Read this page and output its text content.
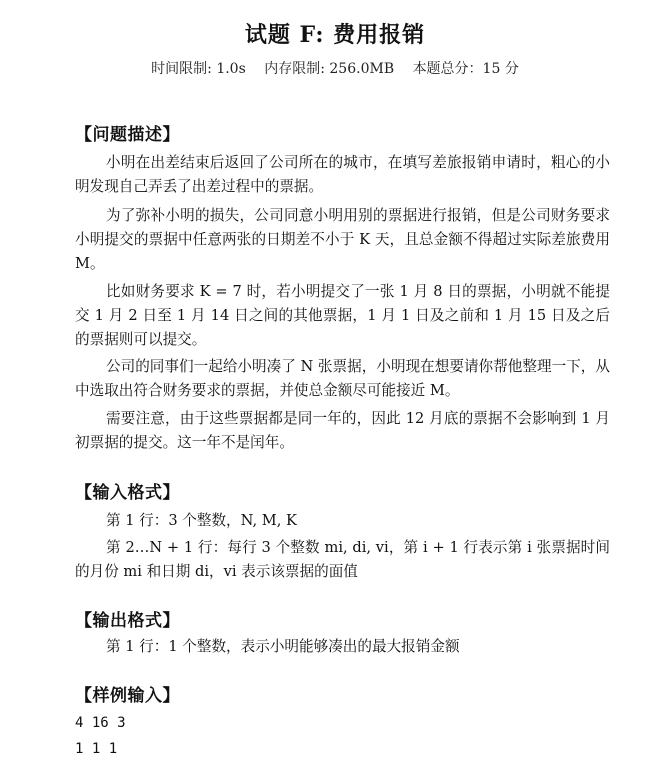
试题 F: 费用报销
时间限制: 1.0s 内存限制: 256.0MB 本题总分：15 分
【问题描述】
小明在出差结束后返回了公司所在的城市，在填写差旅报销申请时，粗心的小明发现自己弄丢了出差过程中的票据。
为了弥补小明的损失，公司同意小明用别的票据进行报销，但是公司财务要求小明提交的票据中任意两张的日期差不小于 K 天，且总金额不得超过实际差旅费用 M。
比如财务要求 K = 7 时，若小明提交了一张 1 月 8 日的票据，小明就不能提交 1 月 2 日至 1 月 14 日之间的其他票据，1 月 1 日及之前和 1 月 15 日及之后的票据则可以提交。
公司的同事们一起给小明凑了 N 张票据，小明现在想要请你帮他整理一下，从中选取出符合财务要求的票据，并使总金额尽可能接近 M。
需要注意，由于这些票据都是同一年的，因此 12 月底的票据不会影响到 1 月初票据的提交。这一年不是闰年。
【输入格式】
第 1 行：3 个整数，N, M, K
第 2…N + 1 行：每行 3 个整数 mi, di, vi，第 i + 1 行表示第 i 张票据时间的月份 mi 和日期 di，vi 表示该票据的面值
【输出格式】
第 1 行：1 个整数，表示小明能够凑出的最大报销金额
【样例输入】
4 16 3
1 1 1
